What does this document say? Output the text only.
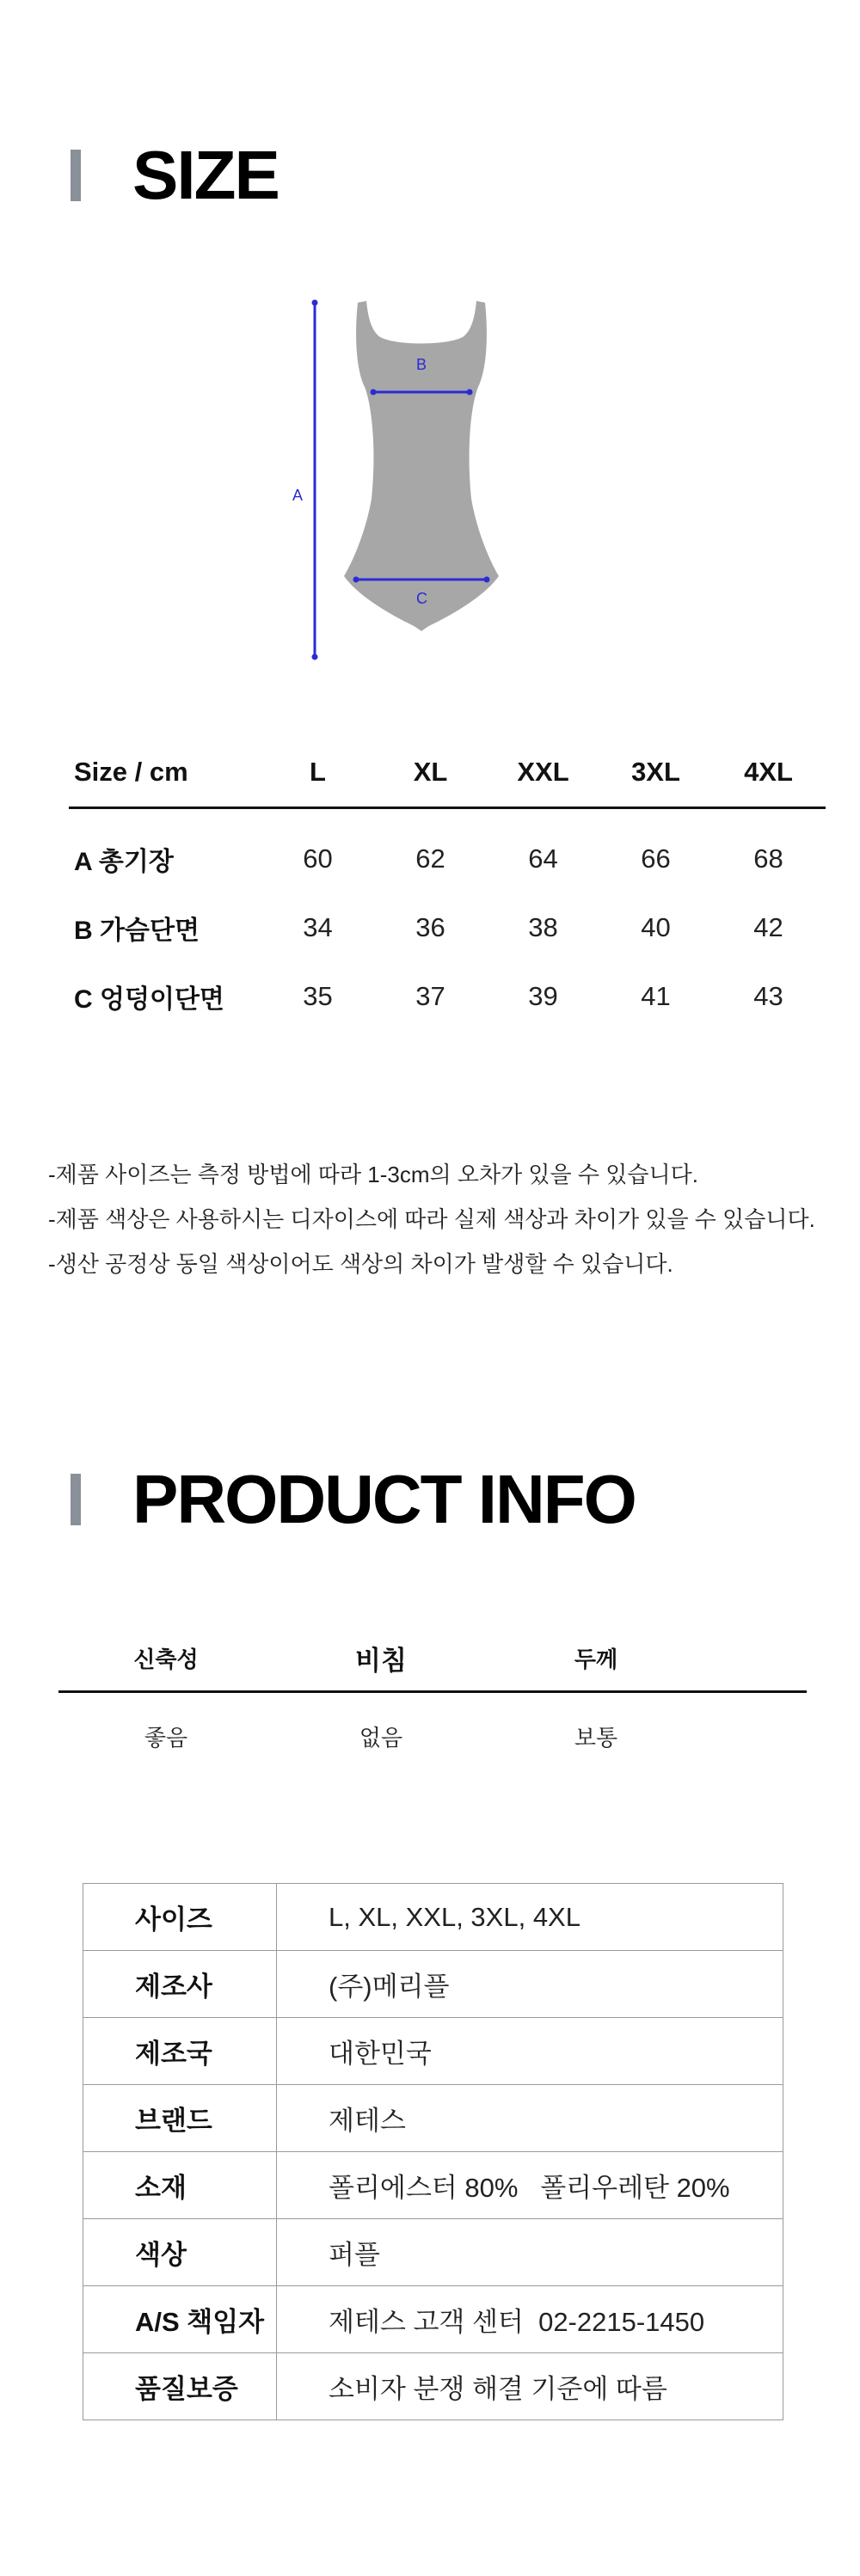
SIZE
A
B
C
Size / cm	L	XL	XXL	3XL	4XL
A 총기장	60	62	64	66	68
B 가슴단면	34	36	38	40	42
C 엉덩이단면	35	37	39	41	43
-제품 사이즈는 측정 방법에 따라 1-3cm의 오차가 있을 수 있습니다.
-제품 색상은 사용하시는 디자이스에 따라 실제 색상과 차이가 있을 수 있습니다.
-생산 공정상 동일 색상이어도 색상의 차이가 발생할 수 있습니다.
PRODUCT INFO
신축성	비침	두께
좋음	없음	보통
사이즈	L, XL, XXL, 3XL, 4XL
제조사	(주)메리플
제조국	대한민국
브랜드	제테스
소재	폴리에스터 80%   폴리우레탄 20%
색상	퍼플
A/S 책임자	제테스 고객 센터  02-2215-1450
품질보증	소비자 분쟁 해결 기준에 따름
